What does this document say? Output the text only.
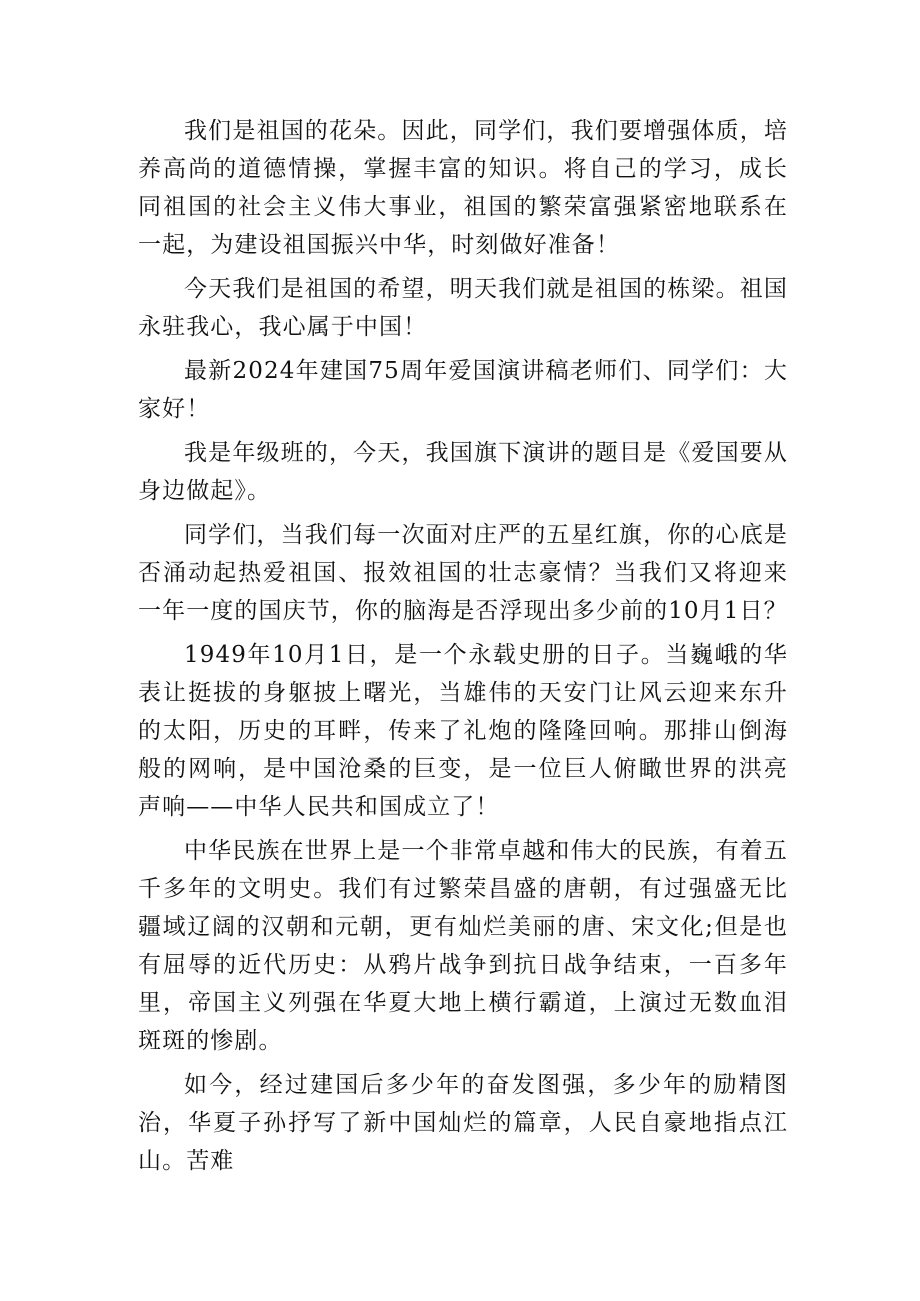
我们是祖国的花朵。因此，同学们，我们要增强体质，培养高尚的道德情操，掌握丰富的知识。将自己的学习，成长同祖国的社会主义伟大事业，祖国的繁荣富强紧密地联系在一起，为建设祖国振兴中华，时刻做好准备！

今天我们是祖国的希望，明天我们就是祖国的栋梁。祖国永驻我心，我心属于中国！

最新2024年建国75周年爱国演讲稿老师们、同学们：大家好！

我是年级班的，今天，我国旗下演讲的题目是《爱国要从身边做起》。

同学们，当我们每一次面对庄严的五星红旗，你的心底是否涌动起热爱祖国、报效祖国的壮志豪情？当我们又将迎来一年一度的国庆节，你的脑海是否浮现出多少前的10月1日？

1949年10月1日，是一个永载史册的日子。当巍峨的华表让挺拔的身躯披上曙光，当雄伟的天安门让风云迎来东升的太阳，历史的耳畔，传来了礼炮的隆隆回响。那排山倒海般的网响，是中国沧桑的巨变，是一位巨人俯瞰世界的洪亮声响——中华人民共和国成立了！

中华民族在世界上是一个非常卓越和伟大的民族，有着五千多年的文明史。我们有过繁荣昌盛的唐朝，有过强盛无比疆域辽阔的汉朝和元朝，更有灿烂美丽的唐、宋文化;但是也有屈辱的近代历史：从鸦片战争到抗日战争结束，一百多年里，帝国主义列强在华夏大地上横行霸道，上演过无数血泪斑斑的惨剧。

如今，经过建国后多少年的奋发图强，多少年的励精图治，华夏子孙抒写了新中国灿烂的篇章，人民自豪地指点江山。苦难
